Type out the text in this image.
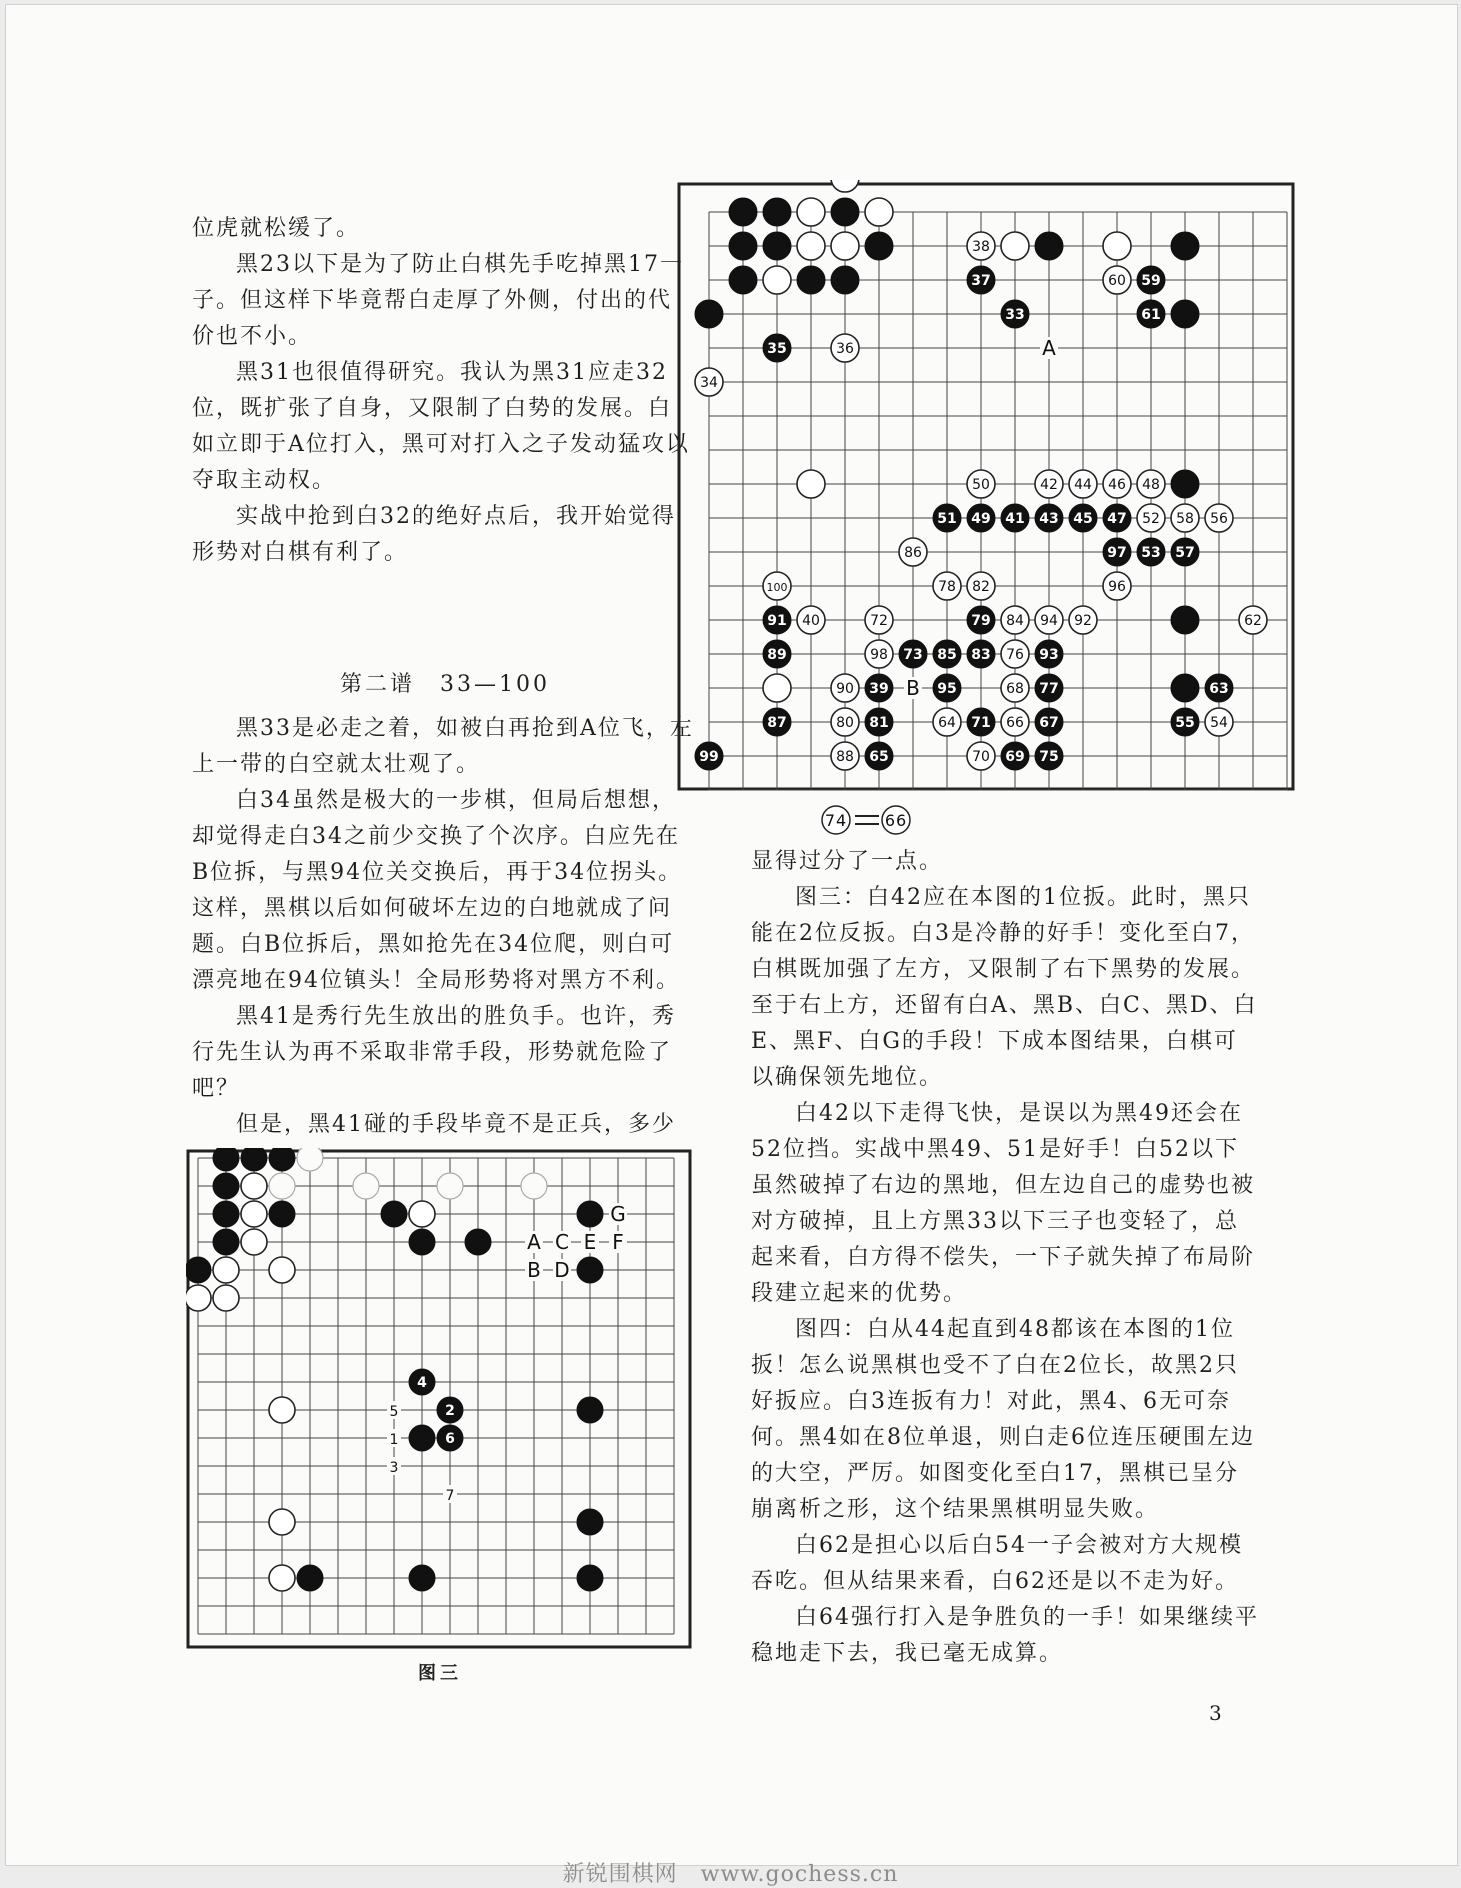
位虎就松缓了。

黑23以下是为了防止白棋先手吃掉黑17一子。但这样下毕竟帮白走厚了外侧，付出的代价也不小。

黑31也很值得研究。我认为黑31应走32位，既扩张了自身，又限制了白势的发展。白如立即于A位打入，黑可对打入之子发动猛攻以夺取主动权。

实战中抢到白32的绝好点后，我开始觉得形势对白棋有利了。

第二谱　33—100

黑33是必走之着，如被白再抢到A位飞，左上一带的白空就太壮观了。

白34虽然是极大的一步棋，但局后想想，却觉得走白34之前少交换了个次序。白应先在B位拆，与黑94位关交换后，再于34位拐头。这样，黑棋以后如何破坏左边的白地就成了问题。白B位拆后，黑如抢先在34位爬，则白可漂亮地在94位镇头！全局形势将对黑方不利。

黑41是秀行先生放出的胜负手。也许，秀行先生认为再不采取非常手段，形势就危险了吧？

但是，黑41碰的手段毕竟不是正兵，多少

38
60
36
34
50	42 44 46 48
52 58 56
86
100	78 82	96
40	72	84 94 92	62
98	76
90	68
80	64	66	54
88	70
35
37
33
59
61
51 49 41 43 45 47
97 53 57
91	79
89	73 85 83	93
39	95	77	63
87	81	71	67	55
99	65	69 75
A
B
74 66

显得过分了一点。

图三：白42应在本图的1位扳。此时，黑只能在2位反扳。白3是冷静的好手！变化至白7，白棋既加强了左方，又限制了右下黑势的发展。至于右上方，还留有白A、黑B、白C、黑D、白E、黑F、白G的手段！下成本图结果，白棋可以确保领先地位。

白42以下走得飞快，是误以为黑49还会在52位挡。实战中黑49、51是好手！白52以下虽然破掉了右边的黑地，但左边自己的虚势也被对方破掉，且上方黑33以下三子也变轻了，总起来看，白方得不偿失，一下子就失掉了布局阶段建立起来的优势。

图四：白从44起直到48都该在本图的1位扳！怎么说黑棋也受不了白在2位长，故黑2只好扳应。白3连扳有力！对此，黑4、6无可奈何。黑4如在8位单退，则白走6位连压硬围左边的大空，严厉。如图变化至白17，黑棋已呈分崩离析之形，这个结果黑棋明显失败。

白62是担心以后白54一子会被对方大规模吞吃。但从结果来看，白62还是以不走为好。

白64强行打入是争胜负的一手！如果继续平稳地走下去，我已毫无成算。

4
2
6
5
1
3
7
A C E F
B D
G
图三
3
新锐围棋网　www.gochess.cn
